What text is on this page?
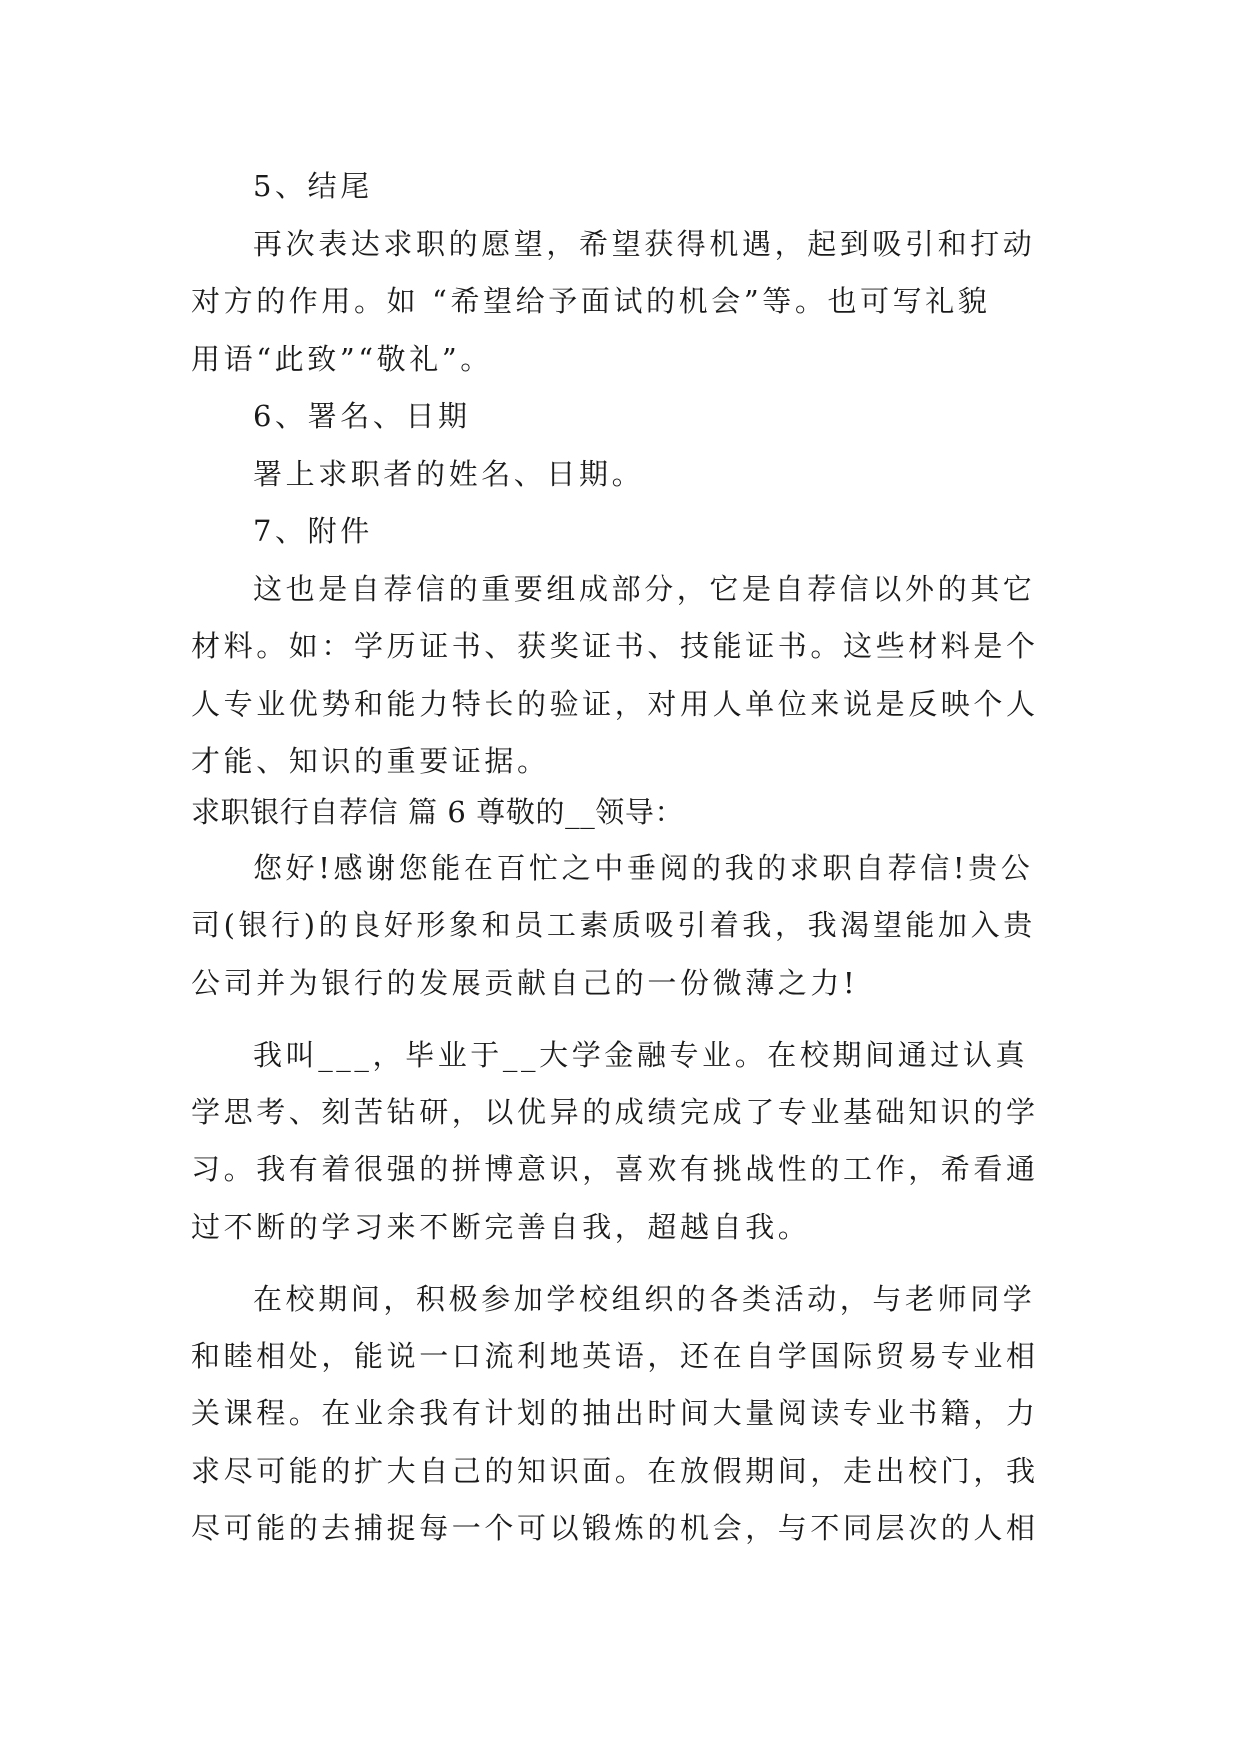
5、结尾
再次表达求职的愿望，希望获得机遇，起到吸引和打动
对方的作用。如 “希望给予面试的机会”等。也可写礼貌
用语“此致”“敬礼”。
6、署名、日期
署上求职者的姓名、日期。
7、附件
这也是自荐信的重要组成部分，它是自荐信以外的其它
材料。如：学历证书、获奖证书、技能证书。这些材料是个
人专业优势和能力特长的验证，对用人单位来说是反映个人
才能、知识的重要证据。
求职银行自荐信 篇 6 尊敬的__领导：
您好!感谢您能在百忙之中垂阅的我的求职自荐信!贵公
司(银行)的良好形象和员工素质吸引着我，我渴望能加入贵
公司并为银行的发展贡献自己的一份微薄之力!
我叫___，毕业于__大学金融专业。在校期间通过认真
学思考、刻苦钻研，以优异的成绩完成了专业基础知识的学
习。我有着很强的拼博意识，喜欢有挑战性的工作，希看通
过不断的学习来不断完善自我，超越自我。
在校期间，积极参加学校组织的各类活动，与老师同学
和睦相处，能说一口流利地英语，还在自学国际贸易专业相
关课程。在业余我有计划的抽出时间大量阅读专业书籍，力
求尽可能的扩大自己的知识面。在放假期间，走出校门，我
尽可能的去捕捉每一个可以锻炼的机会，与不同层次的人相
